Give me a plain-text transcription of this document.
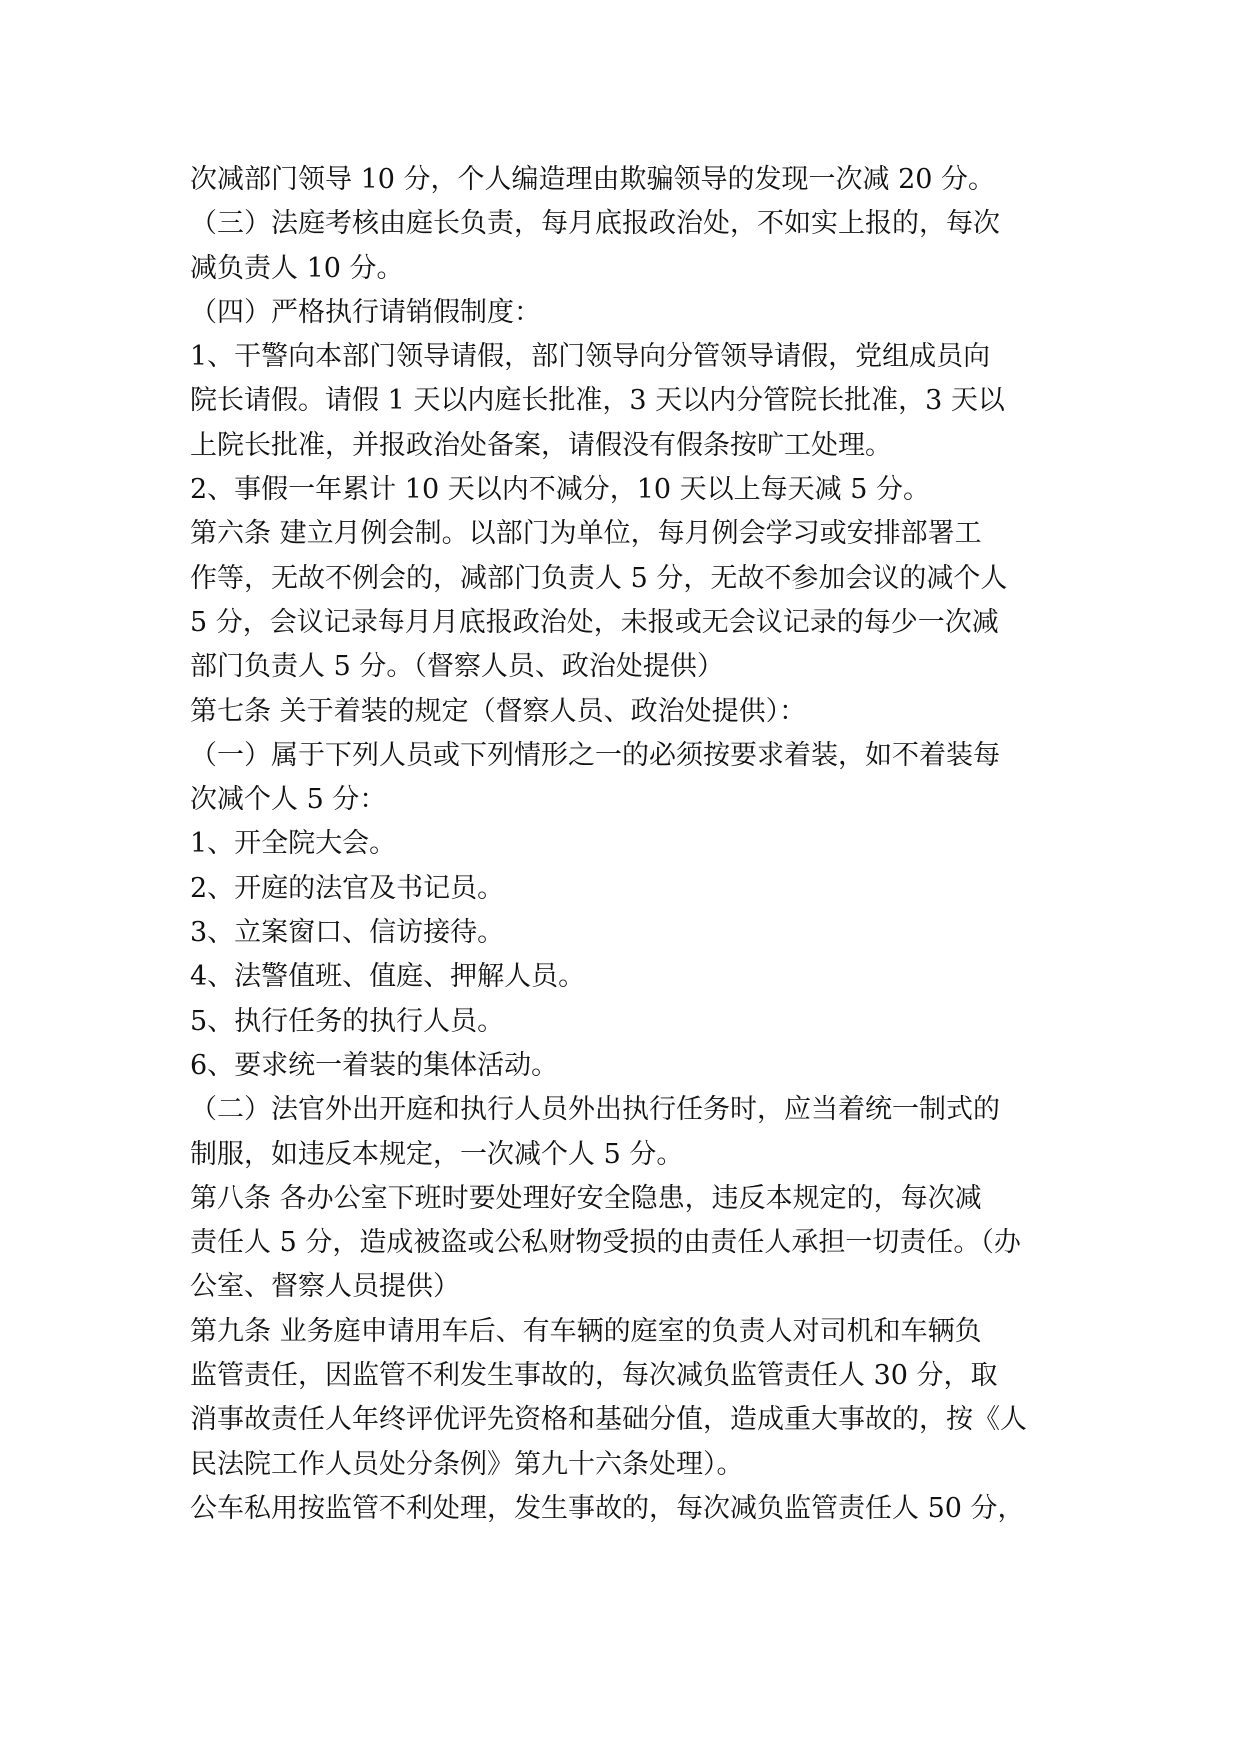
次减部门领导 10 分，个人编造理由欺骗领导的发现一次减 20 分。
（三）法庭考核由庭长负责，每月底报政治处，不如实上报的，每次
减负责人 10 分。
（四）严格执行请销假制度：
1、干警向本部门领导请假，部门领导向分管领导请假，党组成员向
院长请假。请假 1 天以内庭长批准，3 天以内分管院长批准，3 天以
上院长批准，并报政治处备案，请假没有假条按旷工处理。
2、事假一年累计 10 天以内不减分，10 天以上每天减 5 分。
第六条 建立月例会制。以部门为单位，每月例会学习或安排部署工
作等，无故不例会的，减部门负责人 5 分，无故不参加会议的减个人
5 分，会议记录每月月底报政治处，未报或无会议记录的每少一次减
部门负责人 5 分。（督察人员、政治处提供）
第七条 关于着装的规定（督察人员、政治处提供）：
（一）属于下列人员或下列情形之一的必须按要求着装，如不着装每
次减个人 5 分：
1、开全院大会。
2、开庭的法官及书记员。
3、立案窗口、信访接待。
4、法警值班、值庭、押解人员。
5、执行任务的执行人员。
6、要求统一着装的集体活动。
（二）法官外出开庭和执行人员外出执行任务时，应当着统一制式的
制服，如违反本规定，一次减个人 5 分。
第八条 各办公室下班时要处理好安全隐患，违反本规定的，每次减
责任人 5 分，造成被盗或公私财物受损的由责任人承担一切责任。（办
公室、督察人员提供）
第九条 业务庭申请用车后、有车辆的庭室的负责人对司机和车辆负
监管责任，因监管不利发生事故的，每次减负监管责任人 30 分，取
消事故责任人年终评优评先资格和基础分值，造成重大事故的，按《人
民法院工作人员处分条例》第九十六条处理）。
公车私用按监管不利处理，发生事故的，每次减负监管责任人 50 分，
